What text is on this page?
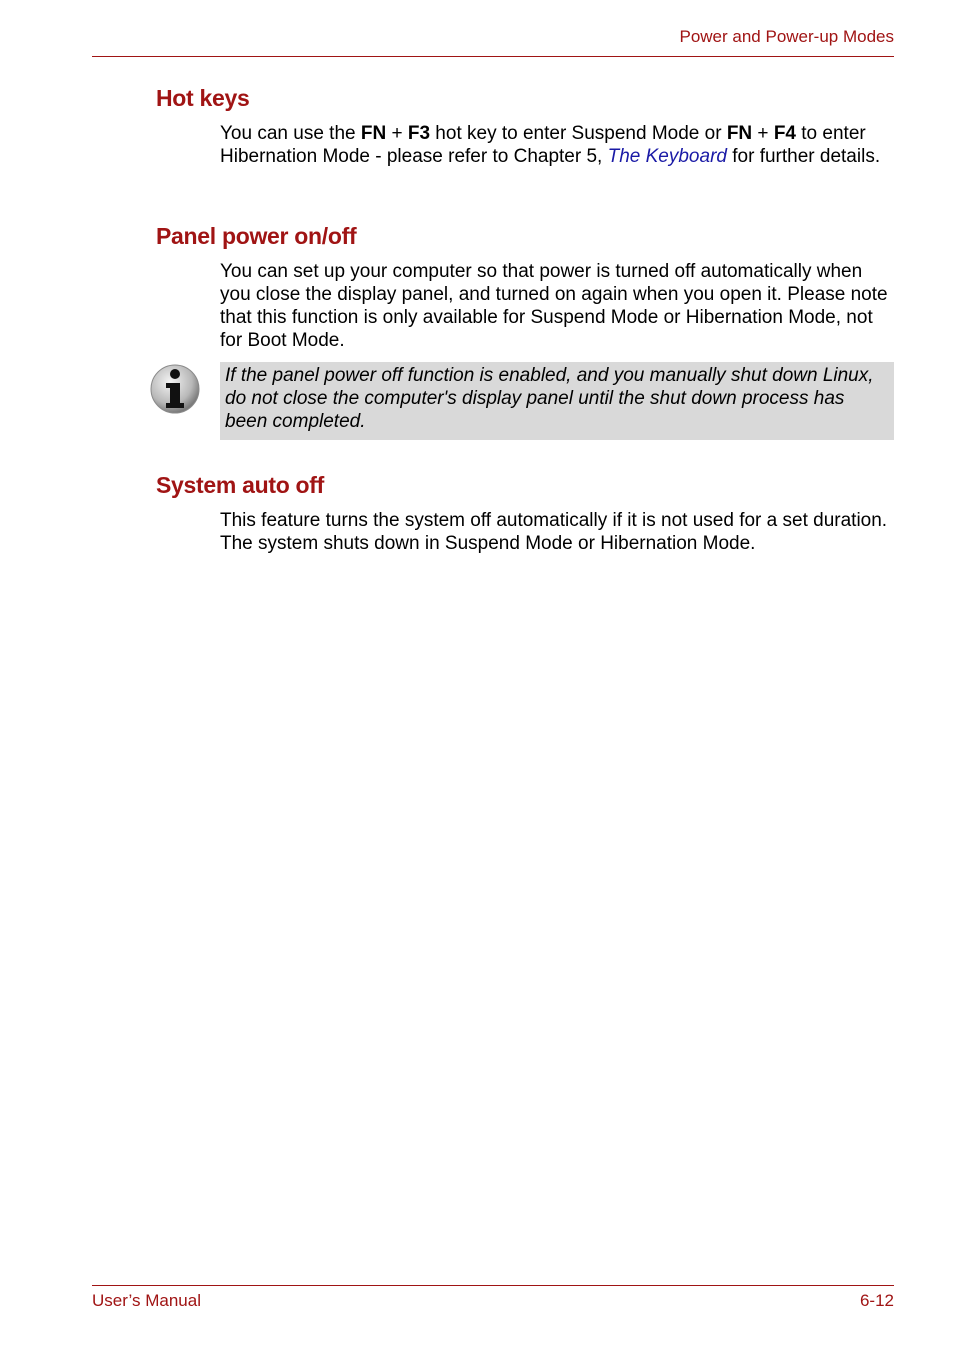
Power and Power-up Modes
Hot keys
You can use the FN + F3 hot key to enter Suspend Mode or FN + F4 to enter Hibernation Mode - please refer to Chapter 5, The Keyboard for further details.
Panel power on/off
You can set up your computer so that power is turned off automatically when you close the display panel, and turned on again when you open it. Please note that this function is only available for Suspend Mode or Hibernation Mode, not for Boot Mode.
If the panel power off function is enabled, and you manually shut down Linux, do not close the computer's display panel until the shut down process has been completed.
System auto off
This feature turns the system off automatically if it is not used for a set duration. The system shuts down in Suspend Mode or Hibernation Mode.
User’s Manual	6-12
